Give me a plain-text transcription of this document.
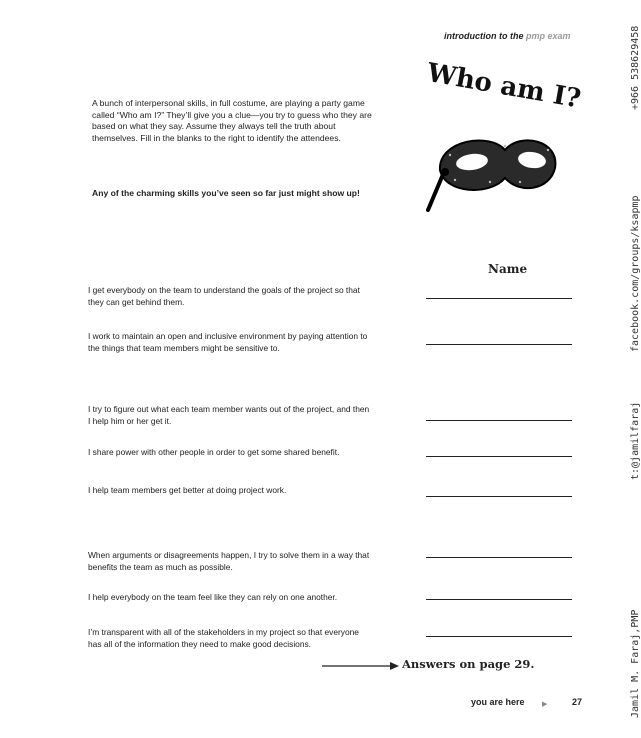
introduction to the pmp exam
A bunch of interpersonal skills, in full costume, are playing a party game called “Who am I?” They’ll give you a clue—you try to guess who they are based on what they say. Assume they always tell the truth about themselves. Fill in the blanks to the right to identify the attendees.
Any of the charming skills you’ve seen so far just might show up!
Who am I?
Name
I get everybody on the team to understand the goals of the project so that they can get behind them.
I work to maintain an open and inclusive environment by paying attention to the things that team members might be sensitive to.
I try to figure out what each team member wants out of the project, and then I help him or her get it.
I share power with other people in order to get some shared benefit.
I help team members get better at doing project work.
When arguments or disagreements happen, I try to solve them in a way that benefits the team as much as possible.
I help everybody on the team feel like they can rely on one another.
I’m transparent with all of the stakeholders in my project so that everyone has all of the information they need to make good decisions.
Answers on page 29.
you are here ▶	27
+966 538629458
facebook.com/groups/ksapmp
t:@jamilfaraj
Jamil M. Faraj,PMP
